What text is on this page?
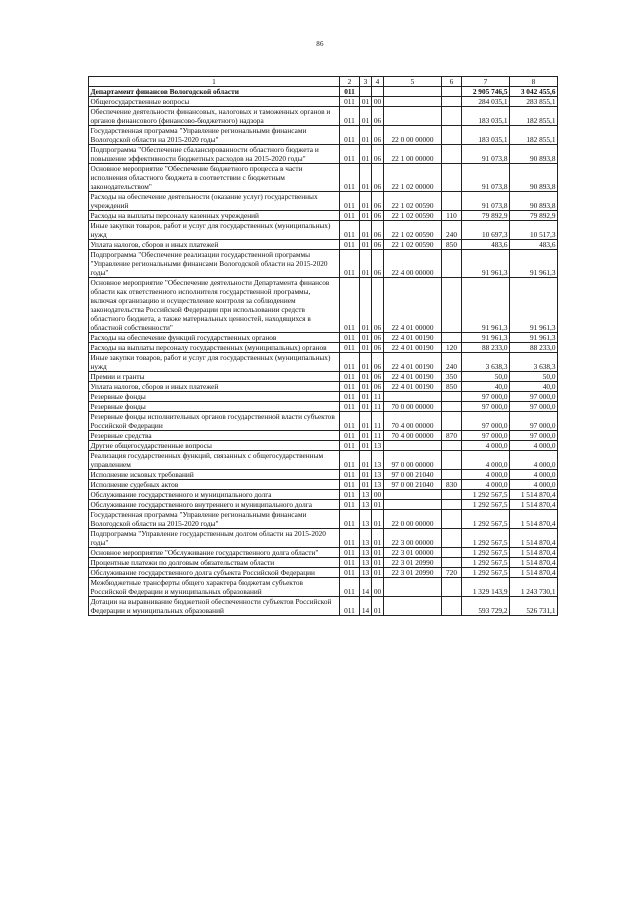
86
1	2	3	4	5	6	7	8
Департамент финансов Вологодской области	011					2 905 746,5	3 042 455,6
Общегосударственные вопросы	011	01	00			284 035,1	283 855,1
Обеспечение деятельности финансовых, налоговых и таможенных органов и органов финансового (финансово-бюджетного) надзора	011	01	06			183 035,1	182 855,1
Государственная программа "Управление региональными финансами Вологодской области на 2015-2020 годы"	011	01	06	22 0 00 00000		183 035,1	182 855,1
Подпрограмма "Обеспечение сбалансированности областного бюджета и повышение эффективности бюджетных расходов на 2015-2020 годы"	011	01	06	22 1 00 00000		91 073,8	90 893,8
Основное мероприятие "Обеспечение бюджетного процесса в части исполнения областного бюджета в соответствии с бюджетным законодательством"	011	01	06	22 1 02 00000		91 073,8	90 893,8
Расходы на обеспечение деятельности (оказание услуг) государственных учреждений	011	01	06	22 1 02 00590		91 073,8	90 893,8
Расходы на выплаты персоналу казенных учреждений	011	01	06	22 1 02 00590	110	79 892,9	79 892,9
Иные закупки товаров, работ и услуг для государственных (муниципальных) нужд	011	01	06	22 1 02 00590	240	10 697,3	10 517,3
Уплата налогов, сборов и иных платежей	011	01	06	22 1 02 00590	850	483,6	483,6
Подпрограмма "Обеспечение реализации государственной программы "Управление региональными финансами Вологодской области на 2015-2020 годы"	011	01	06	22 4 00 00000		91 961,3	91 961,3
Основное мероприятие "Обеспечение деятельности Департамента финансов области как ответственного исполнителя государственной программы, включая организацию и осуществление контроля за соблюдением законодательства Российской Федерации при использовании средств областного бюджета, а также материальных ценностей, находящихся в областной собственности"	011	01	06	22 4 01 00000		91 961,3	91 961,3
Расходы на обеспечение функций государственных органов	011	01	06	22 4 01 00190		91 961,3	91 961,3
Расходы на выплаты персоналу государственных (муниципальных) органов	011	01	06	22 4 01 00190	120	88 233,0	88 233,0
Иные закупки товаров, работ и услуг для государственных (муниципальных) нужд	011	01	06	22 4 01 00190	240	3 638,3	3 638,3
Премии и гранты	011	01	06	22 4 01 00190	350	50,0	50,0
Уплата налогов, сборов и иных платежей	011	01	06	22 4 01 00190	850	40,0	40,0
Резервные фонды	011	01	11			97 000,0	97 000,0
Резервные фонды	011	01	11	70 0 00 00000		97 000,0	97 000,0
Резервные фонды исполнительных органов государственной власти субъектов Российской Федерации	011	01	11	70 4 00 00000		97 000,0	97 000,0
Резервные средства	011	01	11	70 4 00 00000	870	97 000,0	97 000,0
Другие общегосударственные вопросы	011	01	13			4 000,0	4 000,0
Реализация государственных функций, связанных с общегосударственным управлением	011	01	13	97 0 00 00000		4 000,0	4 000,0
Исполнение исковых требований	011	01	13	97 0 00 21040		4 000,0	4 000,0
Исполнение судебных актов	011	01	13	97 0 00 21040	830	4 000,0	4 000,0
Обслуживание государственного и муниципального долга	011	13	00			1 292 567,5	1 514 870,4
Обслуживание государственного внутреннего и муниципального долга	011	13	01			1 292 567,5	1 514 870,4
Государственная программа "Управление региональными финансами Вологодской области на 2015-2020 годы"	011	13	01	22 0 00 00000		1 292 567,5	1 514 870,4
Подпрограмма "Управление государственным долгом области на 2015-2020 годы"	011	13	01	22 3 00 00000		1 292 567,5	1 514 870,4
Основное мероприятие "Обслуживание государственного долга области"	011	13	01	22 3 01 00000		1 292 567,5	1 514 870,4
Процентные платежи по долговым обязательствам области	011	13	01	22 3 01 20990		1 292 567,5	1 514 870,4
Обслуживание государственного долга субъекта Российской Федерации	011	13	01	22 3 01 20990	720	1 292 567,5	1 514 870,4
Межбюджетные трансферты общего характера бюджетам субъектов Российской Федерации и муниципальных образований	011	14	00			1 329 143,9	1 243 730,1
Дотации на выравнивание бюджетной обеспеченности субъектов Российской Федерации и муниципальных образований	011	14	01			593 729,2	526 731,1
